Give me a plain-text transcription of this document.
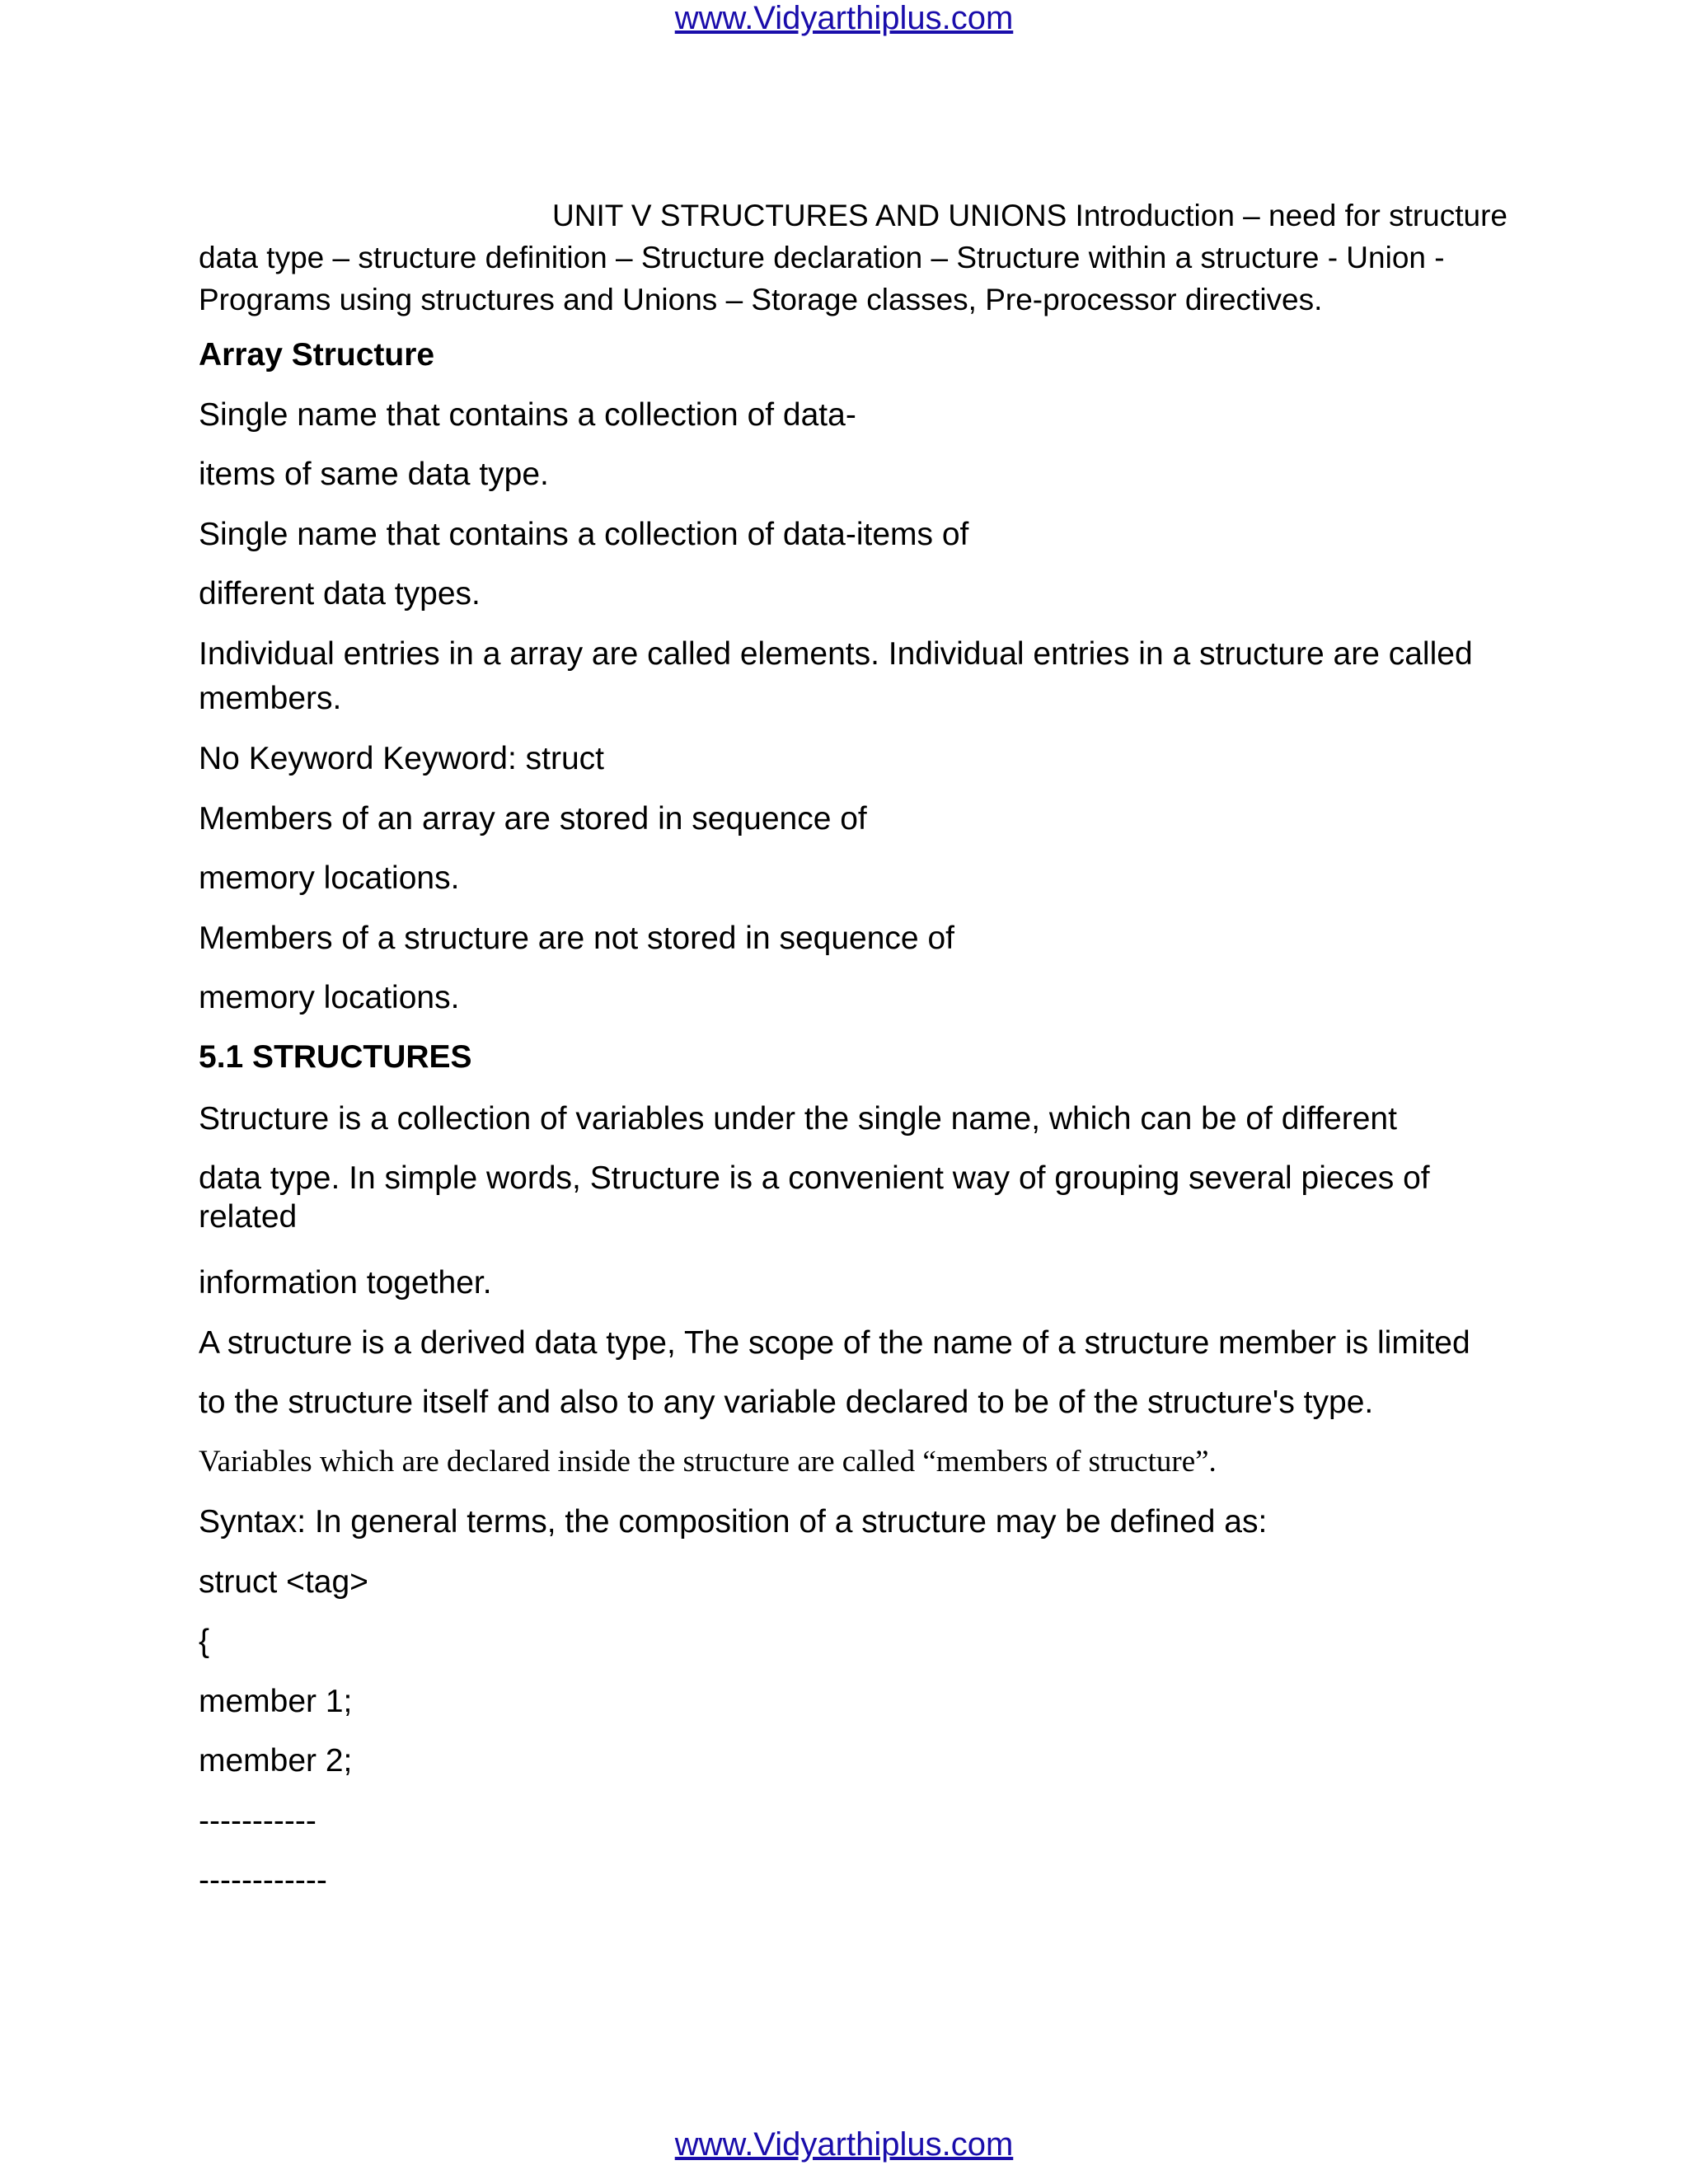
www.Vidyarthiplus.com
UNIT V STRUCTURES AND UNIONS Introduction – need for structure data type – structure definition – Structure declaration – Structure within a structure - Union - Programs using structures and Unions – Storage classes, Pre-processor directives.
Array Structure
Single name that contains a collection of data-
items of same data type.
Single name that contains a collection of data-items of
different data types.
Individual entries in a array are called elements. Individual entries in a structure are called
members.
No Keyword Keyword: struct
Members of an array are stored in sequence of
memory locations.
Members of a structure are not stored in sequence of
memory locations.
5.1 STRUCTURES
Structure is a collection of variables under the single name, which can be of different
data type. In simple words, Structure is a convenient way of grouping several pieces of
related
information together.
A structure is a derived data type, The scope of the name of a structure member is limited
to the structure itself and also to any variable declared to be of the structure's type.
Variables which are declared inside the structure are called “members of structure”.
Syntax: In general terms, the composition of a structure may be defined as:
struct <tag>
{
member 1;
member 2;
-----------
------------
www.Vidyarthiplus.com
